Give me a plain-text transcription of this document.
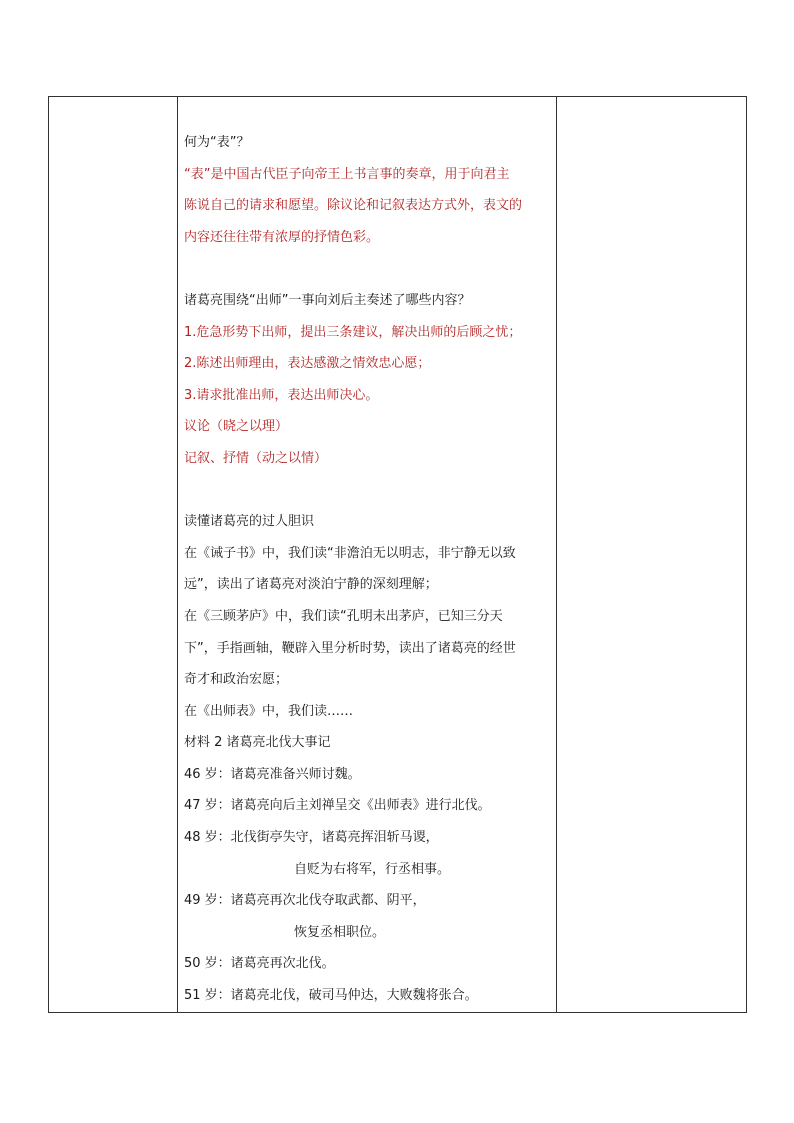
何为“表”？
“表”是中国古代臣子向帝王上书言事的奏章，用于向君主
陈说自己的请求和愿望。除议论和记叙表达方式外，表文的
内容还往往带有浓厚的抒情色彩。
诸葛亮围绕“出师”一事向刘后主奏述了哪些内容？
1.危急形势下出师，提出三条建议，解决出师的后顾之忧；
2.陈述出师理由，表达感激之情效忠心愿；
3.请求批准出师，表达出师决心。
议论（晓之以理）
记叙、抒情（动之以情）
读懂诸葛亮的过人胆识
在《诫子书》中，我们读“非澹泊无以明志，非宁静无以致
远”，读出了诸葛亮对淡泊宁静的深刻理解；
在《三顾茅庐》中，我们读“孔明未出茅庐，已知三分天
下”，手指画轴，鞭辟入里分析时势，读出了诸葛亮的经世
奇才和政治宏愿；
在《出师表》中，我们读……
材料 2 诸葛亮北伐大事记
46 岁：诸葛亮准备兴师讨魏。
47 岁：诸葛亮向后主刘禅呈交《出师表》进行北伐。
48 岁：北伐街亭失守，诸葛亮挥泪斩马谡，
自贬为右将军，行丞相事。
49 岁：诸葛亮再次北伐夺取武都、阴平，
恢复丞相职位。
50 岁：诸葛亮再次北伐。
51 岁：诸葛亮北伐，破司马仲达，大败魏将张合。
